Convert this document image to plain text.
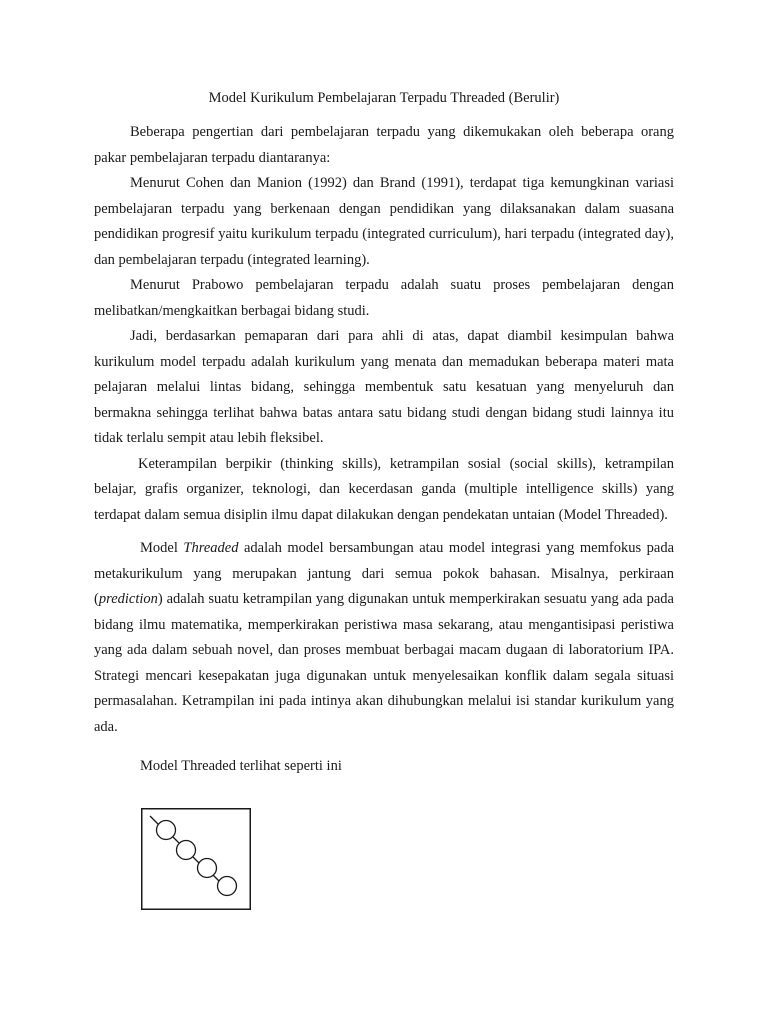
Model Kurikulum Pembelajaran Terpadu Threaded (Berulir)

Beberapa pengertian dari pembelajaran terpadu yang dikemukakan oleh beberapa orang pakar pembelajaran terpadu diantaranya:

Menurut Cohen dan Manion (1992) dan Brand (1991), terdapat tiga kemungkinan variasi pembelajaran terpadu yang berkenaan dengan pendidikan yang dilaksanakan dalam suasana pendidikan progresif yaitu kurikulum terpadu (integrated curriculum), hari terpadu (integrated day), dan pembelajaran terpadu (integrated learning).

Menurut Prabowo pembelajaran terpadu adalah suatu proses pembelajaran dengan melibatkan/mengkaitkan berbagai bidang studi.

Jadi, berdasarkan pemaparan dari para ahli di atas, dapat diambil kesimpulan bahwa kurikulum model terpadu adalah kurikulum yang menata dan memadukan beberapa materi mata pelajaran melalui lintas bidang, sehingga membentuk satu kesatuan yang menyeluruh dan bermakna sehingga terlihat bahwa batas antara satu bidang studi dengan bidang studi lainnya itu tidak terlalu sempit atau lebih fleksibel.

Keterampilan berpikir (thinking skills), ketrampilan sosial (social skills), ketrampilan belajar, grafis organizer, teknologi, dan kecerdasan ganda (multiple intelligence skills) yang terdapat dalam semua disiplin ilmu dapat dilakukan dengan pendekatan untaian (Model Threaded).

Model Threaded adalah model bersambungan atau model integrasi yang memfokus pada metakurikulum yang merupakan jantung dari semua pokok bahasan. Misalnya, perkiraan (prediction) adalah suatu ketrampilan yang digunakan untuk memperkirakan sesuatu yang ada pada bidang ilmu matematika, memperkirakan peristiwa masa sekarang, atau mengantisipasi peristiwa yang ada dalam sebuah novel, dan proses membuat berbagai macam dugaan di laboratorium IPA. Strategi mencari kesepakatan juga digunakan untuk menyelesaikan konflik dalam segala situasi permasalahan. Ketrampilan ini pada intinya akan dihubungkan melalui isi standar kurikulum yang ada.

Model Threaded terlihat seperti ini
